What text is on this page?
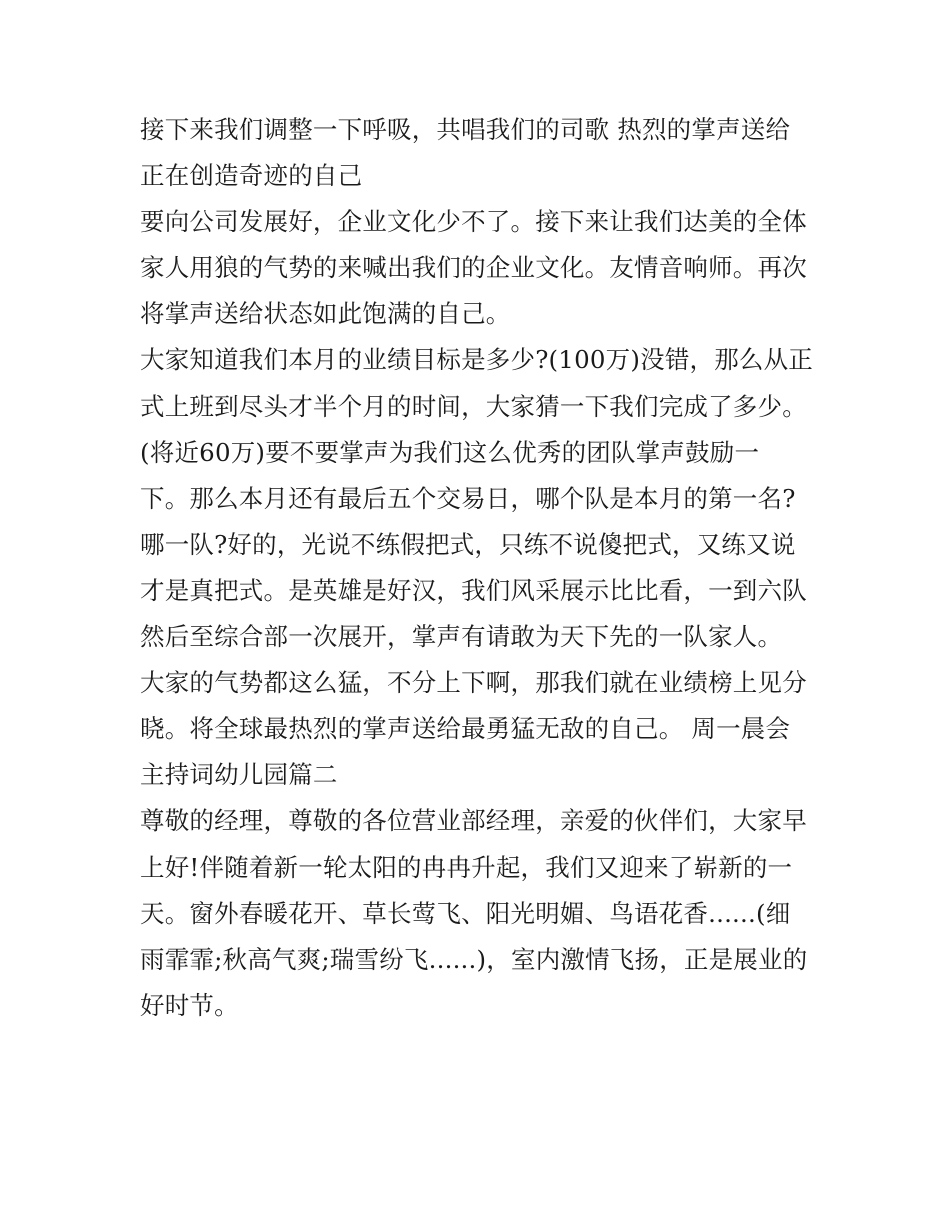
接下来我们调整一下呼吸，共唱我们的司歌 热烈的掌声送给
正在创造奇迹的自己
要向公司发展好，企业文化少不了。接下来让我们达美的全体
家人用狼的气势的来喊出我们的企业文化。友情音响师。再次
将掌声送给状态如此饱满的自己。
大家知道我们本月的业绩目标是多少?(100万)没错，那么从正
式上班到尽头才半个月的时间，大家猜一下我们完成了多少。
(将近60万)要不要掌声为我们这么优秀的团队掌声鼓励一
下。那么本月还有最后五个交易日，哪个队是本月的第一名?
哪一队?好的，光说不练假把式，只练不说傻把式，又练又说
才是真把式。是英雄是好汉，我们风采展示比比看，一到六队
然后至综合部一次展开，掌声有请敢为天下先的一队家人。
大家的气势都这么猛，不分上下啊，那我们就在业绩榜上见分
晓。将全球最热烈的掌声送给最勇猛无敌的自己。 周一晨会
主持词幼儿园篇二
尊敬的经理，尊敬的各位营业部经理，亲爱的伙伴们，大家早
上好!伴随着新一轮太阳的冉冉升起，我们又迎来了崭新的一
天。窗外春暖花开、草长莺飞、阳光明媚、鸟语花香......(细
雨霏霏;秋高气爽;瑞雪纷飞......)，室内激情飞扬，正是展业的
好时节。
